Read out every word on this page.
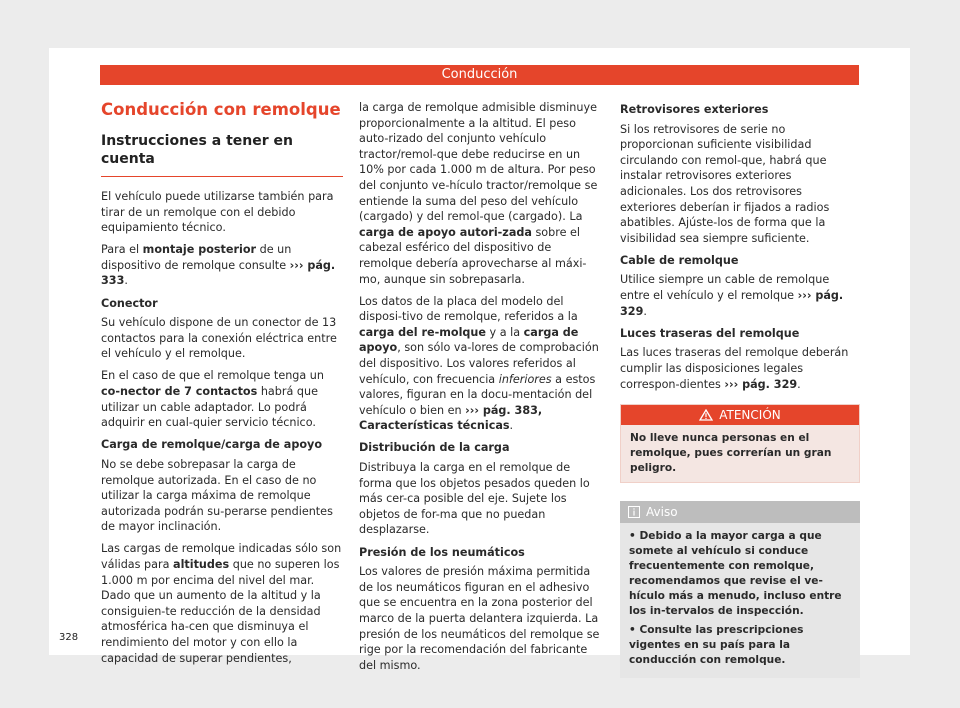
Conducción
Conducción con remolque
Instrucciones a tener en cuenta

El vehículo puede utilizarse también para tirar de un remolque con el debido equipamiento técnico.

Para el montaje posterior de un dispositivo de remolque consulte ››› pág. 333.

Conector

Su vehículo dispone de un conector de 13 contactos para la conexión eléctrica entre el vehículo y el remolque.

En el caso de que el remolque tenga un co-nector de 7 contactos habrá que utilizar un cable adaptador. Lo podrá adquirir en cual-quier servicio técnico.

Carga de remolque/carga de apoyo

No se debe sobrepasar la carga de remolque autorizada. En el caso de no utilizar la carga máxima de remolque autorizada podrán su-perarse pendientes de mayor inclinación.

Las cargas de remolque indicadas sólo son válidas para altitudes que no superen los 1.000 m por encima del nivel del mar. Dado que un aumento de la altitud y la consiguien-te reducción de la densidad atmosférica ha-cen que disminuya el rendimiento del motor y con ello la capacidad de superar pendientes,

la carga de remolque admisible disminuye proporcionalmente a la altitud. El peso auto-rizado del conjunto vehículo tractor/remol-que debe reducirse en un 10% por cada 1.000 m de altura. Por peso del conjunto ve-hículo tractor/remolque se entiende la suma del peso del vehículo (cargado) y del remol-que (cargado). La carga de apoyo autori-zada sobre el cabezal esférico del dispositivo de remolque debería aprovecharse al máxi-mo, aunque sin sobrepasarla.

Los datos de la placa del modelo del disposi-tivo de remolque, referidos a la carga del re-molque y a la carga de apoyo, son sólo va-lores de comprobación del dispositivo. Los valores referidos al vehículo, con frecuencia inferiores a estos valores, figuran en la docu-mentación del vehículo o bien en ››› pág. 383, Características técnicas.

Distribución de la carga

Distribuya la carga en el remolque de forma que los objetos pesados queden lo más cer-ca posible del eje. Sujete los objetos de for-ma que no puedan desplazarse.

Presión de los neumáticos

Los valores de presión máxima permitida de los neumáticos figuran en el adhesivo que se encuentra en la zona posterior del marco de la puerta delantera izquierda. La presión de los neumáticos del remolque se rige por la recomendación del fabricante del mismo.

Retrovisores exteriores

Si los retrovisores de serie no proporcionan suficiente visibilidad circulando con remol-que, habrá que instalar retrovisores exteriores adicionales. Los dos retrovisores exteriores deberían ir fijados a radios abatibles. Ajúste-los de forma que la visibilidad sea siempre suficiente.

Cable de remolque

Utilice siempre un cable de remolque entre el vehículo y el remolque ››› pág. 329.

Luces traseras del remolque

Las luces traseras del remolque deberán cumplir las disposiciones legales correspon-dientes ››› pág. 329.

ATENCIÓN
No lleve nunca personas en el remolque, pues correrían un gran peligro.
Aviso
• Debido a la mayor carga a que somete al vehículo si conduce frecuentemente con remolque, recomendamos que revise el ve-hículo más a menudo, incluso entre los in-tervalos de inspección.
• Consulte las prescripciones vigentes en su país para la conducción con remolque.
328
